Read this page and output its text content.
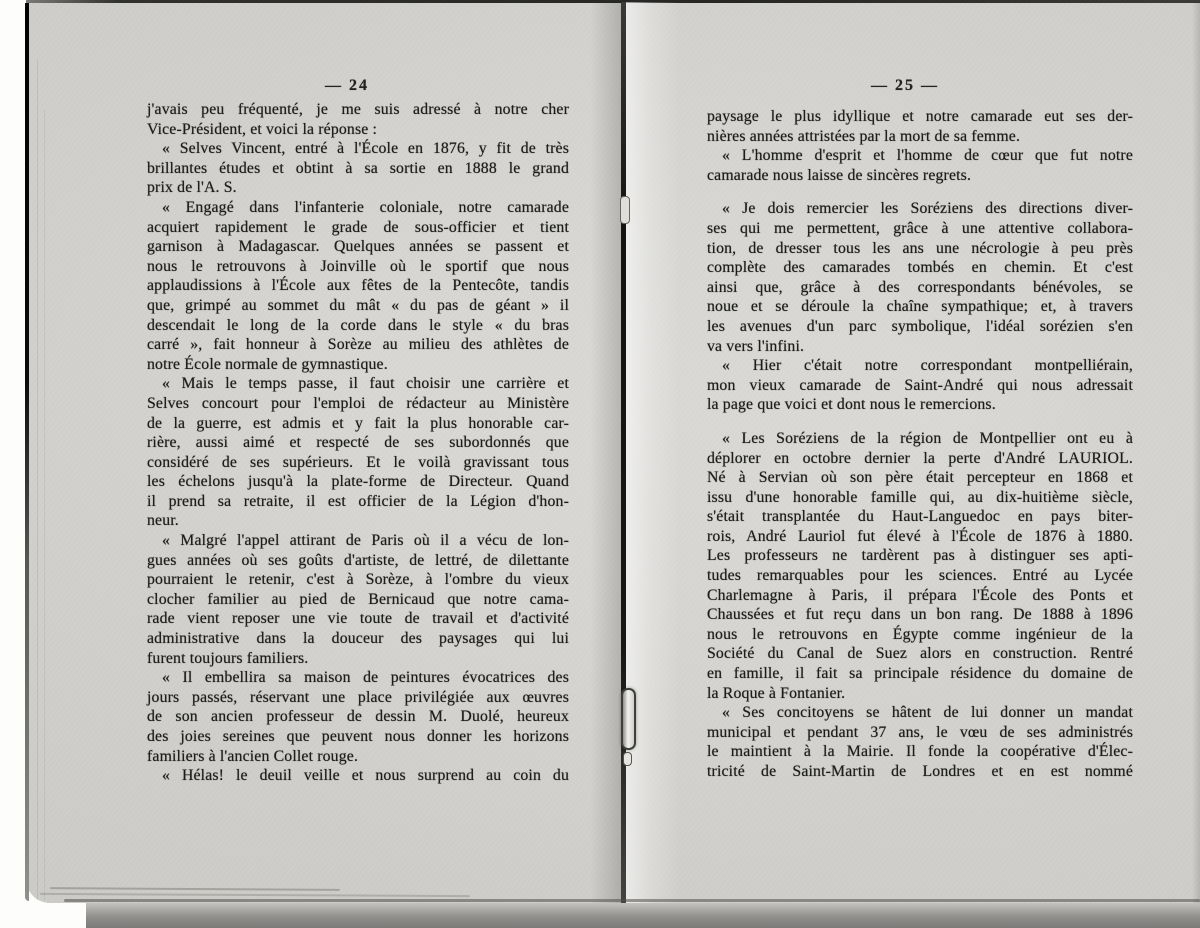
— 24	— 25 —
j'avais peu fréquenté, je me suis adressé à notre cher
Vice-Président, et voici la réponse :
« Selves Vincent, entré à l'École en 1876, y fit de très
brillantes études et obtint à sa sortie en 1888 le grand
prix de l'A. S.
« Engagé dans l'infanterie coloniale, notre camarade
acquiert rapidement le grade de sous-officier et tient
garnison à Madagascar. Quelques années se passent et
nous le retrouvons à Joinville où le sportif que nous
applaudissions à l'École aux fêtes de la Pentecôte, tandis
que, grimpé au sommet du mât « du pas de géant » il
descendait le long de la corde dans le style « du bras
carré », fait honneur à Sorèze au milieu des athlètes de
notre École normale de gymnastique.
« Mais le temps passe, il faut choisir une carrière et
Selves concourt pour l'emploi de rédacteur au Ministère
de la guerre, est admis et y fait la plus honorable car-
rière, aussi aimé et respecté de ses subordonnés que
considéré de ses supérieurs. Et le voilà gravissant tous
les échelons jusqu'à la plate-forme de Directeur. Quand
il prend sa retraite, il est officier de la Légion d'hon-
neur.
« Malgré l'appel attirant de Paris où il a vécu de lon-
gues années où ses goûts d'artiste, de lettré, de dilettante
pourraient le retenir, c'est à Sorèze, à l'ombre du vieux
clocher familier au pied de Bernicaud que notre cama-
rade vient reposer une vie toute de travail et d'activité
administrative dans la douceur des paysages qui lui
furent toujours familiers.
« Il embellira sa maison de peintures évocatrices des
jours passés, réservant une place privilégiée aux œuvres
de son ancien professeur de dessin M. Duolé, heureux
des joies sereines que peuvent nous donner les horizons
familiers à l'ancien Collet rouge.
« Hélas! le deuil veille et nous surprend au coin du
paysage le plus idyllique et notre camarade eut ses der-
nières années attristées par la mort de sa femme.
« L'homme d'esprit et l'homme de cœur que fut notre
camarade nous laisse de sincères regrets.
« Je dois remercier les Soréziens des directions diver-
ses qui me permettent, grâce à une attentive collabora-
tion, de dresser tous les ans une nécrologie à peu près
complète des camarades tombés en chemin. Et c'est
ainsi que, grâce à des correspondants bénévoles, se
noue et se déroule la chaîne sympathique; et, à travers
les avenues d'un parc symbolique, l'idéal sorézien s'en
va vers l'infini.
« Hier c'était notre correspondant montpelliérain,
mon vieux camarade de Saint-André qui nous adressait
la page que voici et dont nous le remercions.
« Les Soréziens de la région de Montpellier ont eu à
déplorer en octobre dernier la perte d'André LAURIOL.
Né à Servian où son père était percepteur en 1868 et
issu d'une honorable famille qui, au dix-huitième siècle,
s'était transplantée du Haut-Languedoc en pays biter-
rois, André Lauriol fut élevé à l'École de 1876 à 1880.
Les professeurs ne tardèrent pas à distinguer ses apti-
tudes remarquables pour les sciences. Entré au Lycée
Charlemagne à Paris, il prépara l'École des Ponts et
Chaussées et fut reçu dans un bon rang. De 1888 à 1896
nous le retrouvons en Égypte comme ingénieur de la
Société du Canal de Suez alors en construction. Rentré
en famille, il fait sa principale résidence du domaine de
la Roque à Fontanier.
« Ses concitoyens se hâtent de lui donner un mandat
municipal et pendant 37 ans, le vœu de ses administrés
le maintient à la Mairie. Il fonde la coopérative d'Élec-
tricité de Saint-Martin de Londres et en est nommé
